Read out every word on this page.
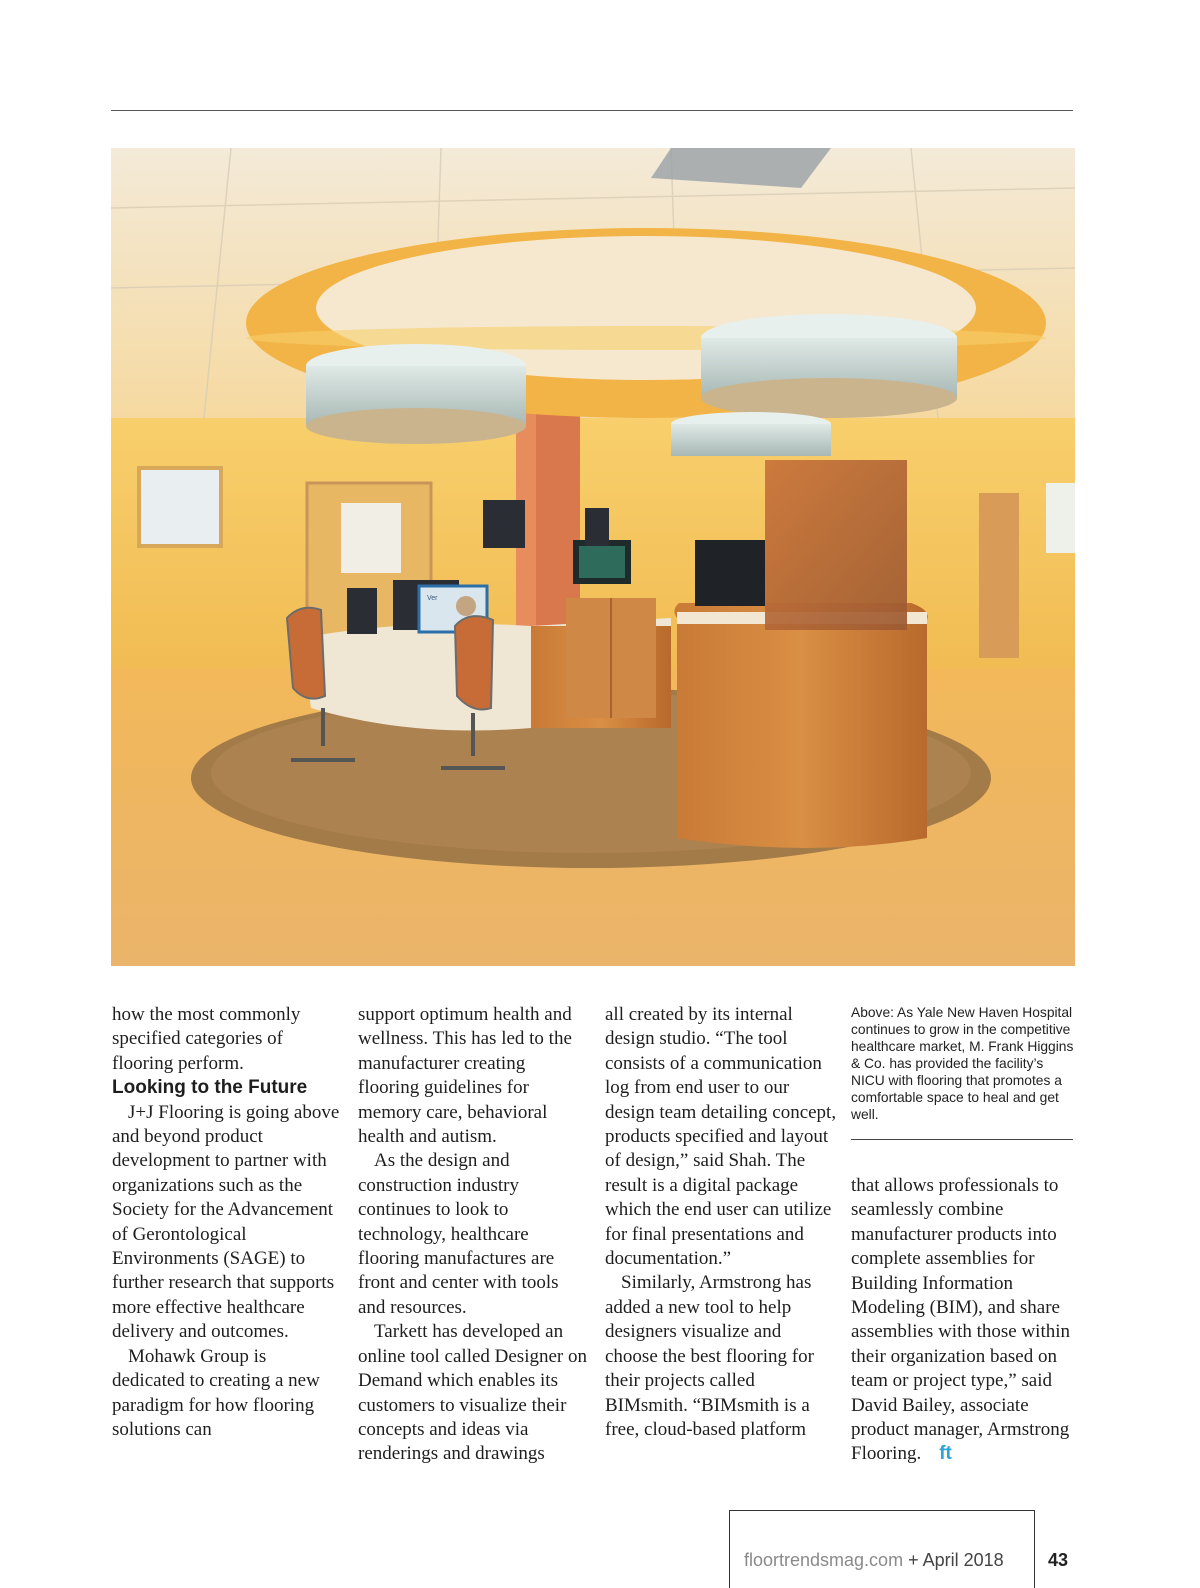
Ver

how the most commonly specified categories of flooring perform.

Looking to the Future

J+J Flooring is going above and beyond product development to partner with organizations such as the Society for the Advancement of Gerontological Environments (SAGE) to further research that supports more effective healthcare delivery and outcomes.

Mohawk Group is dedicated to creating a new paradigm for how flooring solutions can

support optimum health and wellness. This has led to the manufacturer creating flooring guidelines for memory care, behavioral health and autism.

As the design and construction industry continues to look to technology, healthcare flooring manufactures are front and center with tools and resources.

Tarkett has developed an online tool called Designer on Demand which enables its customers to visualize their concepts and ideas via renderings and drawings

all created by its internal design studio. “The tool consists of a communication log from end user to our design team detailing concept, products specified and layout of design,” said Shah. The result is a digital package which the end user can utilize for final presentations and documentation.”

Similarly, Armstrong has added a new tool to help designers visualize and choose the best flooring for their projects called BIMsmith. “BIMsmith is a free, cloud-based platform

Above: As Yale New Haven Hospital continues to grow in the competitive healthcare market, M. Frank Higgins & Co. has provided the facility’s NICU with flooring that promotes a comfortable space to heal and get well.

that allows professionals to seamlessly combine manufacturer products into complete assemblies for Building Information Modeling (BIM), and share assemblies with those within their organization based on team or project type,” said David Bailey, associate product manager, Armstrong Flooring. ft

floortrendsmag.com + April 2018 43
